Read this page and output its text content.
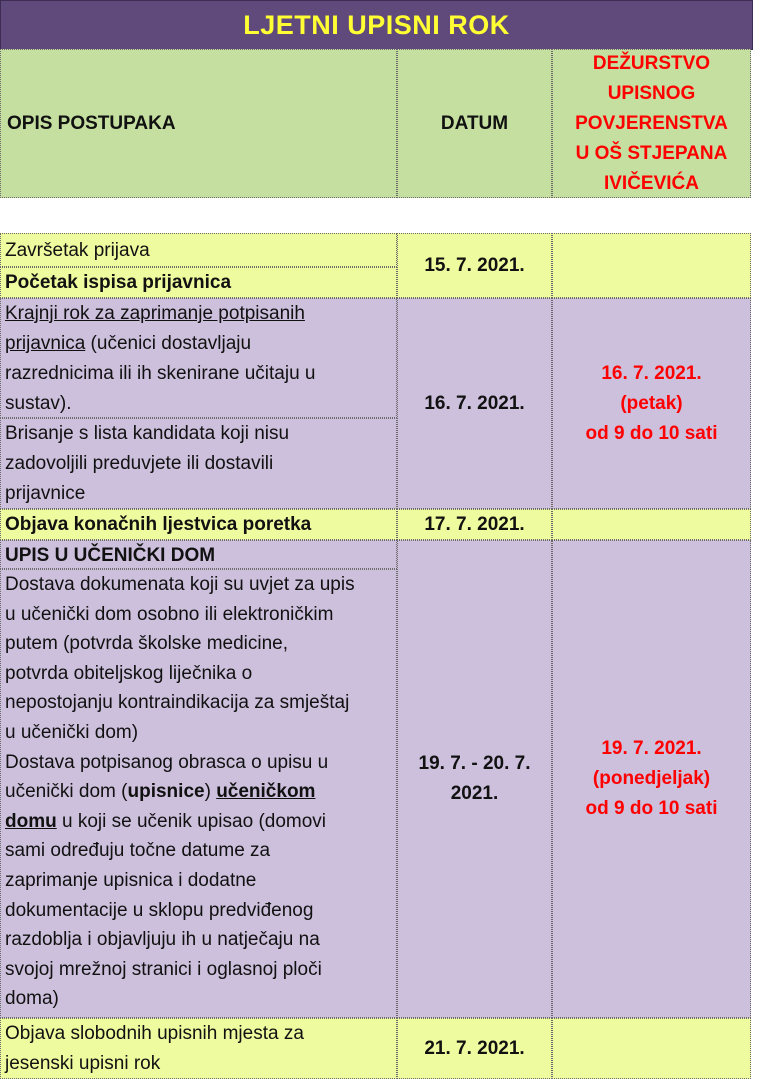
LJETNI UPISNI ROK
OPIS POSTUPAKA	DATUM
DEŽURSTVO
UPISNOG
POVJERENSTVA
U OŠ STJEPANA
IVIČEVIĆA
Završetak prijava
Početak ispisa prijavnica
15. 7. 2021.
Krajnji rok za zaprimanje potpisanih
prijavnica (učenici dostavljaju
razrednicima ili ih skenirane učitaju u
sustav).
Brisanje s lista kandidata koji nisu
zadovoljili preduvjete ili dostavili
prijavnice
16. 7. 2021.
16. 7. 2021.
(petak)
od 9 do 10 sati
Objava konačnih ljestvica poretka	17. 7. 2021.
UPIS U UČENIČKI DOM
Dostava dokumenata koji su uvjet za upis
u učenički dom osobno ili elektroničkim
putem (potvrda školske medicine,
potvrda obiteljskog liječnika o
nepostojanju kontraindikacija za smještaj
u učenički dom)
Dostava potpisanog obrasca o upisu u
učenički dom (upisnice) učeničkom
domu u koji se učenik upisao (domovi
sami određuju točne datume za
zaprimanje upisnica i dodatne
dokumentacije u sklopu predviđenog
razdoblja i objavljuju ih u natječaju na
svojoj mrežnoj stranici i oglasnoj ploči
doma)
19. 7. - 20. 7.
2021.
19. 7. 2021.
(ponedjeljak)
od 9 do 10 sati
Objava slobodnih upisnih mjesta za
jesenski upisni rok
21. 7. 2021.
